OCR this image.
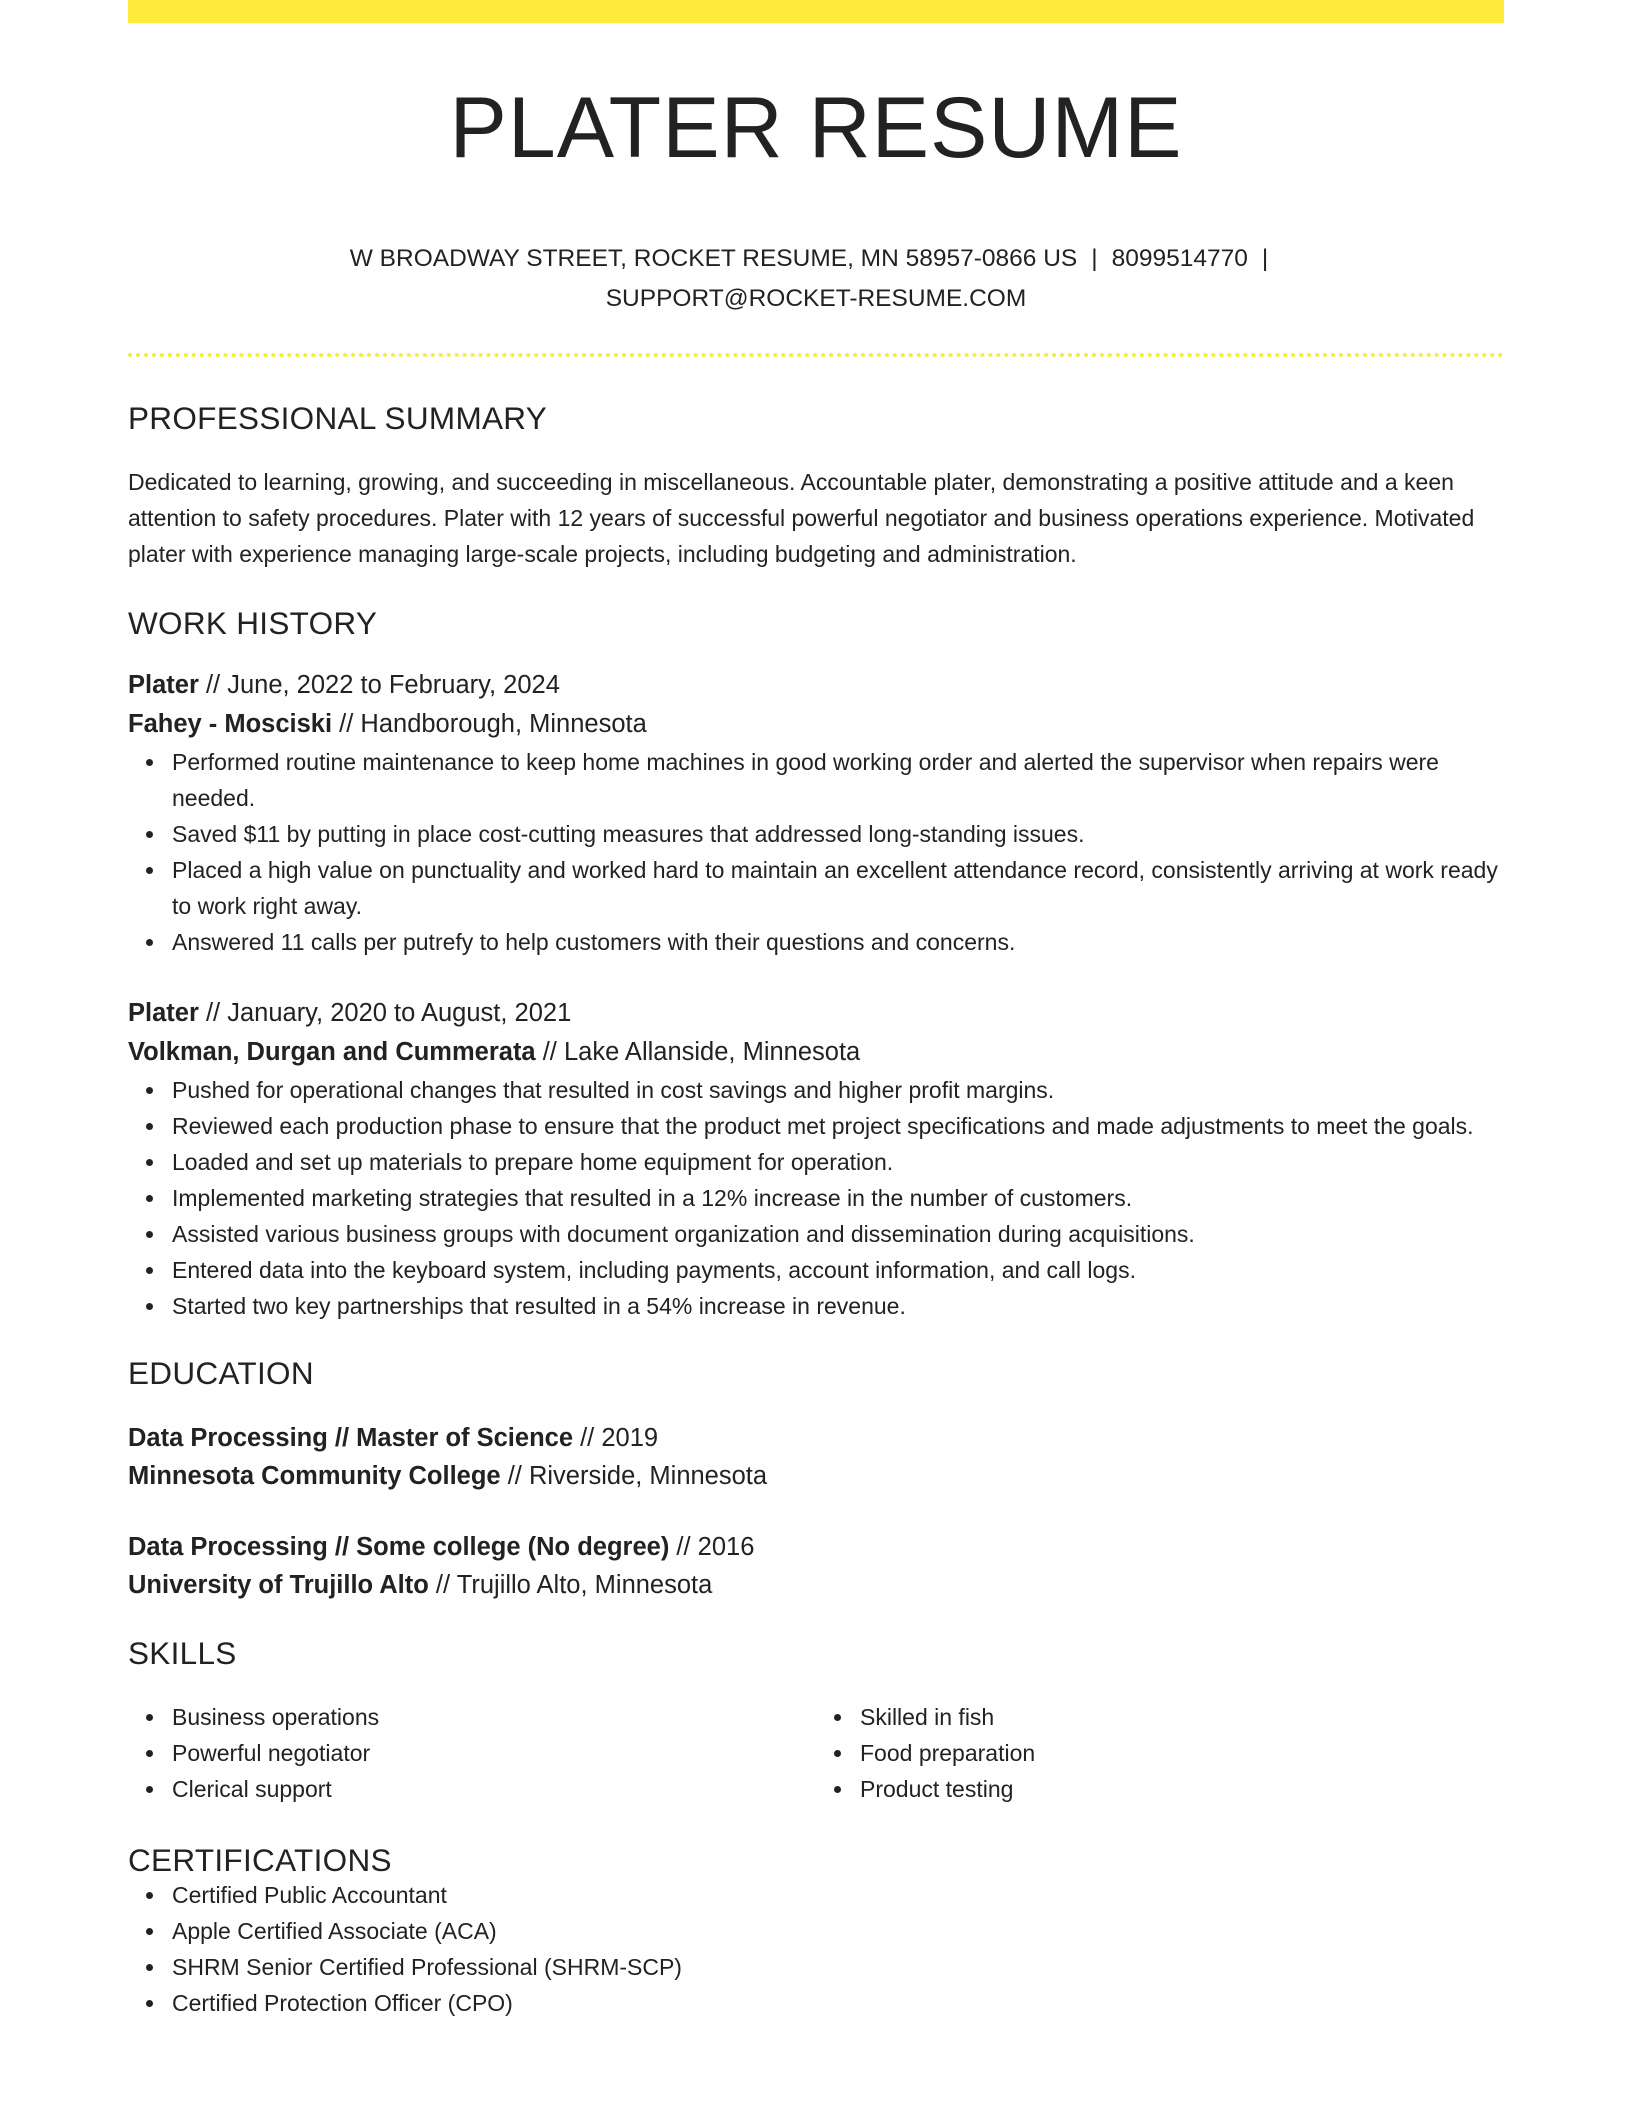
PLATER RESUME
W BROADWAY STREET, ROCKET RESUME, MN 58957-0866 US | 8099514770 |
SUPPORT@ROCKET-RESUME.COM
PROFESSIONAL SUMMARY
Dedicated to learning, growing, and succeeding in miscellaneous. Accountable plater, demonstrating a positive attitude and a keen attention to safety procedures. Plater with 12 years of successful powerful negotiator and business operations experience. Motivated plater with experience managing large-scale projects, including budgeting and administration.
WORK HISTORY
Plater // June, 2022 to February, 2024
Fahey - Mosciski // Handborough, Minnesota
Performed routine maintenance to keep home machines in good working order and alerted the supervisor when repairs were needed.
Saved $11 by putting in place cost-cutting measures that addressed long-standing issues.
Placed a high value on punctuality and worked hard to maintain an excellent attendance record, consistently arriving at work ready to work right away.
Answered 11 calls per putrefy to help customers with their questions and concerns.
Plater // January, 2020 to August, 2021
Volkman, Durgan and Cummerata // Lake Allanside, Minnesota
Pushed for operational changes that resulted in cost savings and higher profit margins.
Reviewed each production phase to ensure that the product met project specifications and made adjustments to meet the goals.
Loaded and set up materials to prepare home equipment for operation.
Implemented marketing strategies that resulted in a 12% increase in the number of customers.
Assisted various business groups with document organization and dissemination during acquisitions.
Entered data into the keyboard system, including payments, account information, and call logs.
Started two key partnerships that resulted in a 54% increase in revenue.
EDUCATION
Data Processing // Master of Science // 2019
Minnesota Community College // Riverside, Minnesota
Data Processing // Some college (No degree) // 2016
University of Trujillo Alto // Trujillo Alto, Minnesota
SKILLS
Business operations
Powerful negotiator
Clerical support
Skilled in fish
Food preparation
Product testing
CERTIFICATIONS
Certified Public Accountant
Apple Certified Associate (ACA)
SHRM Senior Certified Professional (SHRM-SCP)
Certified Protection Officer (CPO)
